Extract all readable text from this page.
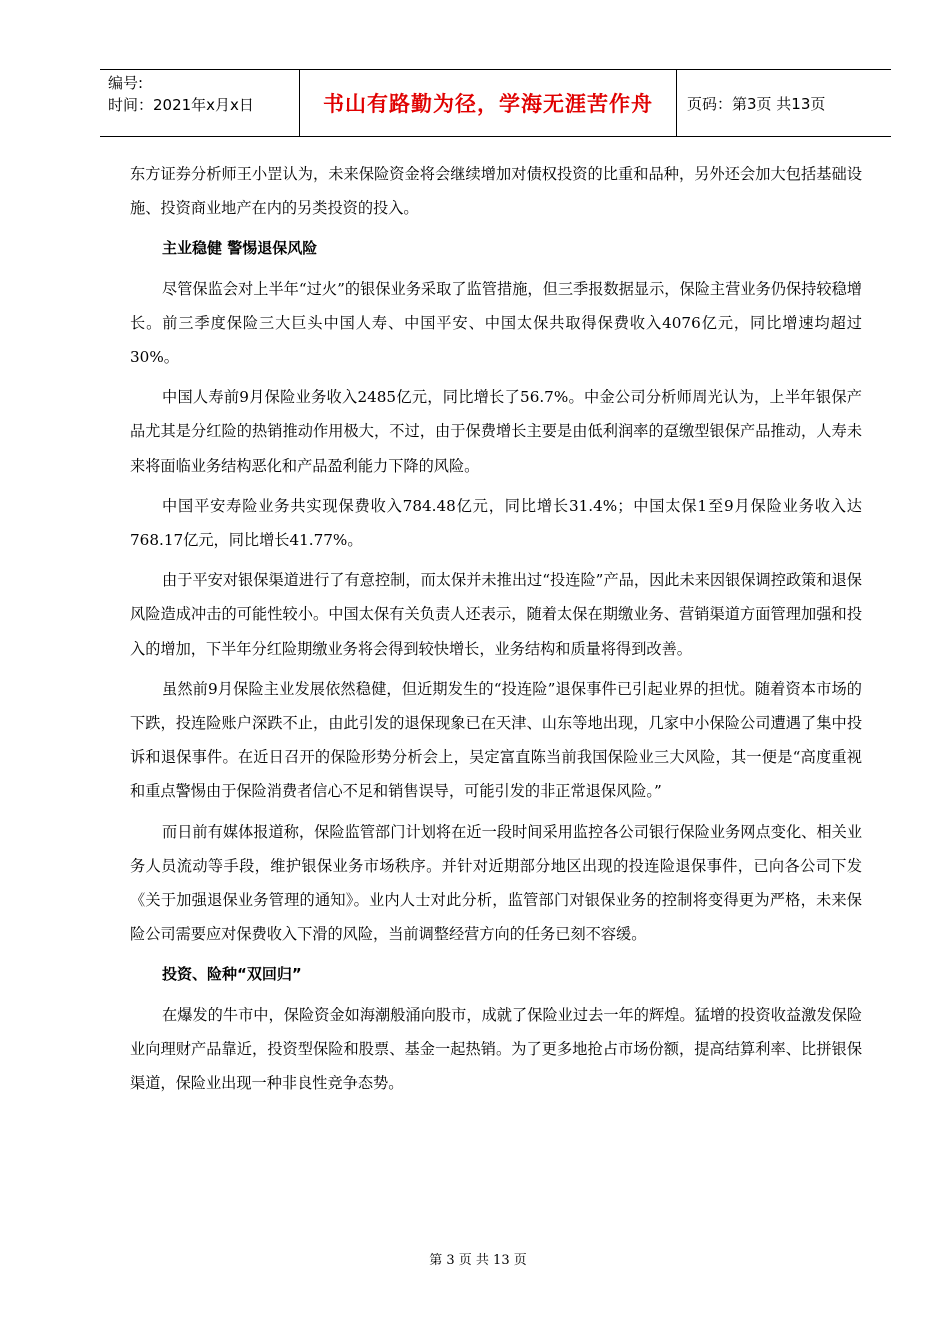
编号:
时间：2021年x月x日	书山有路勤为径，学海无涯苦作舟 页码：第3页 共13页

东方证券分析师王小罡认为，未来保险资金将会继续增加对债权投资的比重和品种，另外还会加大包括基础设施、投资商业地产在内的另类投资的投入。

主业稳健 警惕退保风险

尽管保监会对上半年“过火”的银保业务采取了监管措施，但三季报数据显示，保险主营业务仍保持较稳增长。前三季度保险三大巨头中国人寿、中国平安、中国太保共取得保费收入4076亿元，同比增速均超过30%。

中国人寿前9月保险业务收入2485亿元，同比增长了56.7%。中金公司分析师周光认为，上半年银保产品尤其是分红险的热销推动作用极大，不过，由于保费增长主要是由低利润率的趸缴型银保产品推动，人寿未来将面临业务结构恶化和产品盈利能力下降的风险。

中国平安寿险业务共实现保费收入784.48亿元，同比增长31.4%；中国太保1至9月保险业务收入达768.17亿元，同比增长41.77%。

由于平安对银保渠道进行了有意控制，而太保并未推出过“投连险”产品，因此未来因银保调控政策和退保风险造成冲击的可能性较小。中国太保有关负责人还表示，随着太保在期缴业务、营销渠道方面管理加强和投入的增加，下半年分红险期缴业务将会得到较快增长，业务结构和质量将得到改善。

虽然前9月保险主业发展依然稳健，但近期发生的“投连险”退保事件已引起业界的担忧。随着资本市场的下跌，投连险账户深跌不止，由此引发的退保现象已在天津、山东等地出现，几家中小保险公司遭遇了集中投诉和退保事件。在近日召开的保险形势分析会上，吴定富直陈当前我国保险业三大风险，其一便是“高度重视和重点警惕由于保险消费者信心不足和销售误导，可能引发的非正常退保风险。”

而日前有媒体报道称，保险监管部门计划将在近一段时间采用监控各公司银行保险业务网点变化、相关业务人员流动等手段，维护银保业务市场秩序。并针对近期部分地区出现的投连险退保事件，已向各公司下发《关于加强退保业务管理的通知》。业内人士对此分析，监管部门对银保业务的控制将变得更为严格，未来保险公司需要应对保费收入下滑的风险，当前调整经营方向的任务已刻不容缓。

投资、险种“双回归”

在爆发的牛市中，保险资金如海潮般涌向股市，成就了保险业过去一年的辉煌。猛增的投资收益激发保险业向理财产品靠近，投资型保险和股票、基金一起热销。为了更多地抢占市场份额，提高结算利率、比拼银保渠道，保险业出现一种非良性竞争态势。

第 3 页 共 13 页
